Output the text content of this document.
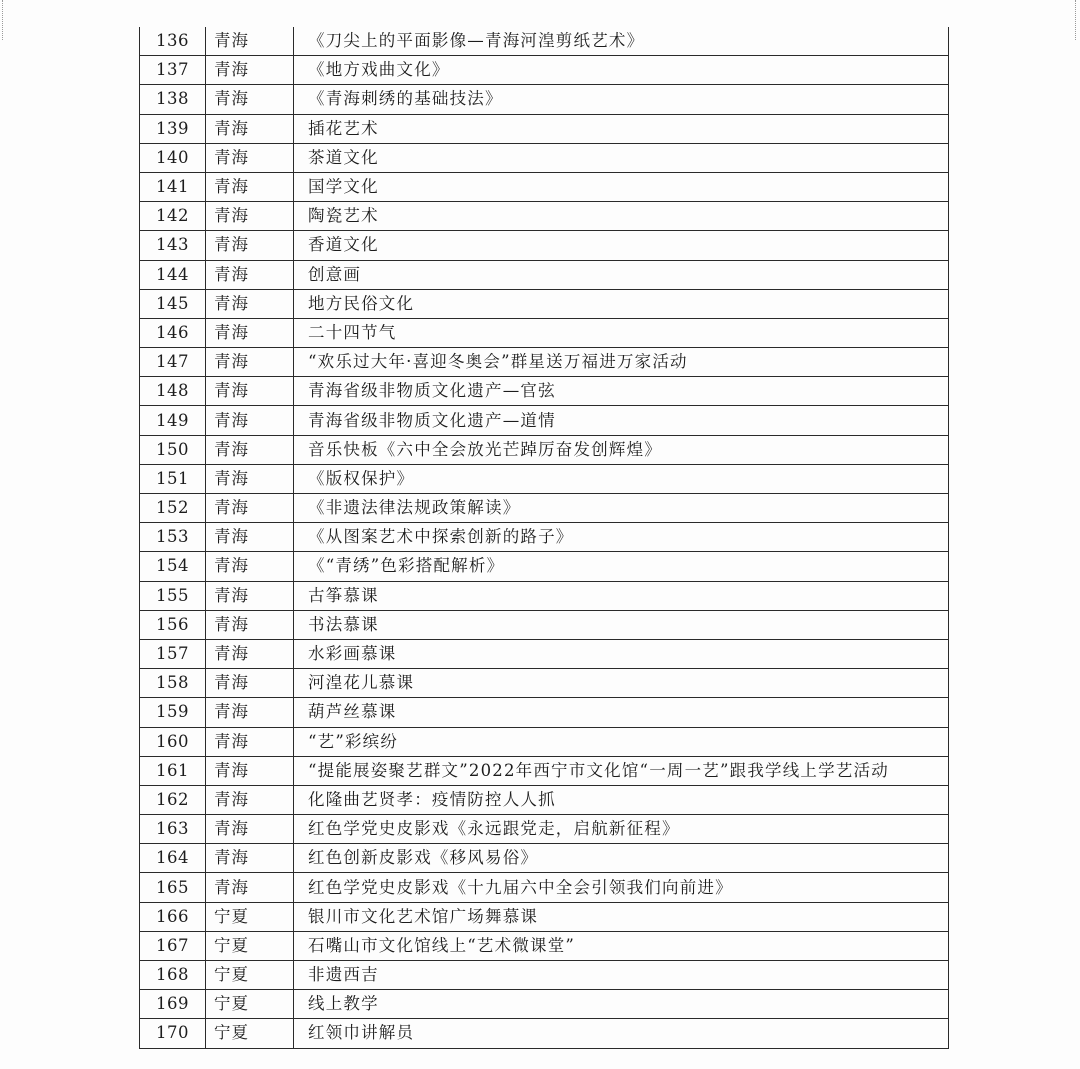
136	青海	《刀尖上的平面影像—青海河湟剪纸艺术》
137	青海	《地方戏曲文化》
138	青海	《青海刺绣的基础技法》
139	青海	插花艺术
140	青海	茶道文化
141	青海	国学文化
142	青海	陶瓷艺术
143	青海	香道文化
144	青海	创意画
145	青海	地方民俗文化
146	青海	二十四节气
147	青海	“欢乐过大年·喜迎冬奥会”群星送万福进万家活动
148	青海	青海省级非物质文化遗产—官弦
149	青海	青海省级非物质文化遗产—道情
150	青海	音乐快板《六中全会放光芒踔厉奋发创辉煌》
151	青海	《版权保护》
152	青海	《非遗法律法规政策解读》
153	青海	《从图案艺术中探索创新的路子》
154	青海	《“青绣”色彩搭配解析》
155	青海	古筝慕课
156	青海	书法慕课
157	青海	水彩画慕课
158	青海	河湟花儿慕课
159	青海	葫芦丝慕课
160	青海	“艺”彩缤纷
161	青海	“提能展姿聚艺群文”2022年西宁市文化馆“一周一艺”跟我学线上学艺活动
162	青海	化隆曲艺贤孝：疫情防控人人抓
163	青海	红色学党史皮影戏《永远跟党走，启航新征程》
164	青海	红色创新皮影戏《移风易俗》
165	青海	红色学党史皮影戏《十九届六中全会引领我们向前进》
166	宁夏	银川市文化艺术馆广场舞慕课
167	宁夏	石嘴山市文化馆线上“艺术微课堂”
168	宁夏	非遗西吉
169	宁夏	线上教学
170	宁夏	红领巾讲解员
